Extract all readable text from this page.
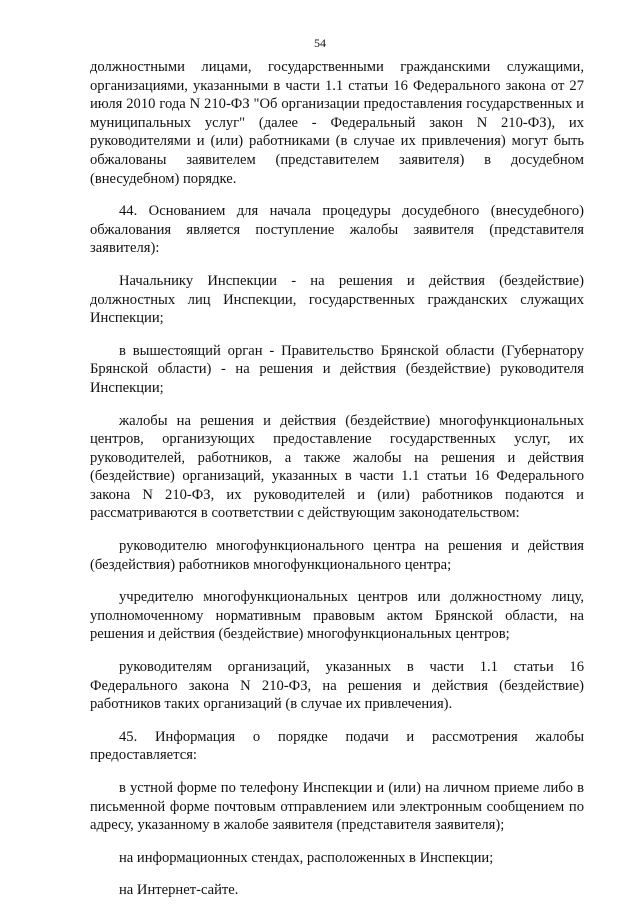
54

должностными лицами, государственными гражданскими служащими, организациями, указанными в части 1.1 статьи 16 Федерального закона от 27 июля 2010 года N 210-ФЗ "Об организации предоставления государственных и муниципальных услуг" (далее - Федеральный закон N 210-ФЗ), их руководителями и (или) работниками (в случае их привлечения) могут быть обжалованы заявителем (представителем заявителя) в досудебном (внесудебном) порядке.

44. Основанием для начала процедуры досудебного (внесудебного) обжалования является поступление жалобы заявителя (представителя заявителя):

Начальнику Инспекции - на решения и действия (бездействие) должностных лиц Инспекции, государственных гражданских служащих Инспекции;

в вышестоящий орган - Правительство Брянской области (Губернатору Брянской области) - на решения и действия (бездействие) руководителя Инспекции;

жалобы на решения и действия (бездействие) многофункциональных центров, организующих предоставление государственных услуг, их руководителей, работников, а также жалобы на решения и действия (бездействие) организаций, указанных в части 1.1 статьи 16 Федерального закона N 210-ФЗ, их руководителей и (или) работников подаются и рассматриваются в соответствии с действующим законодательством:

руководителю многофункционального центра на решения и действия (бездействия) работников многофункционального центра;

учредителю многофункциональных центров или должностному лицу, уполномоченному нормативным правовым актом Брянской области, на решения и действия (бездействие) многофункциональных центров;

руководителям организаций, указанных в части 1.1 статьи 16 Федерального закона N 210-ФЗ, на решения и действия (бездействие) работников таких организаций (в случае их привлечения).

45. Информация о порядке подачи и рассмотрения жалобы предоставляется:

в устной форме по телефону Инспекции и (или) на личном приеме либо в письменной форме почтовым отправлением или электронным сообщением по адресу, указанному в жалобе заявителя (представителя заявителя);

на информационных стендах, расположенных в Инспекции;

на Интернет-сайте.
